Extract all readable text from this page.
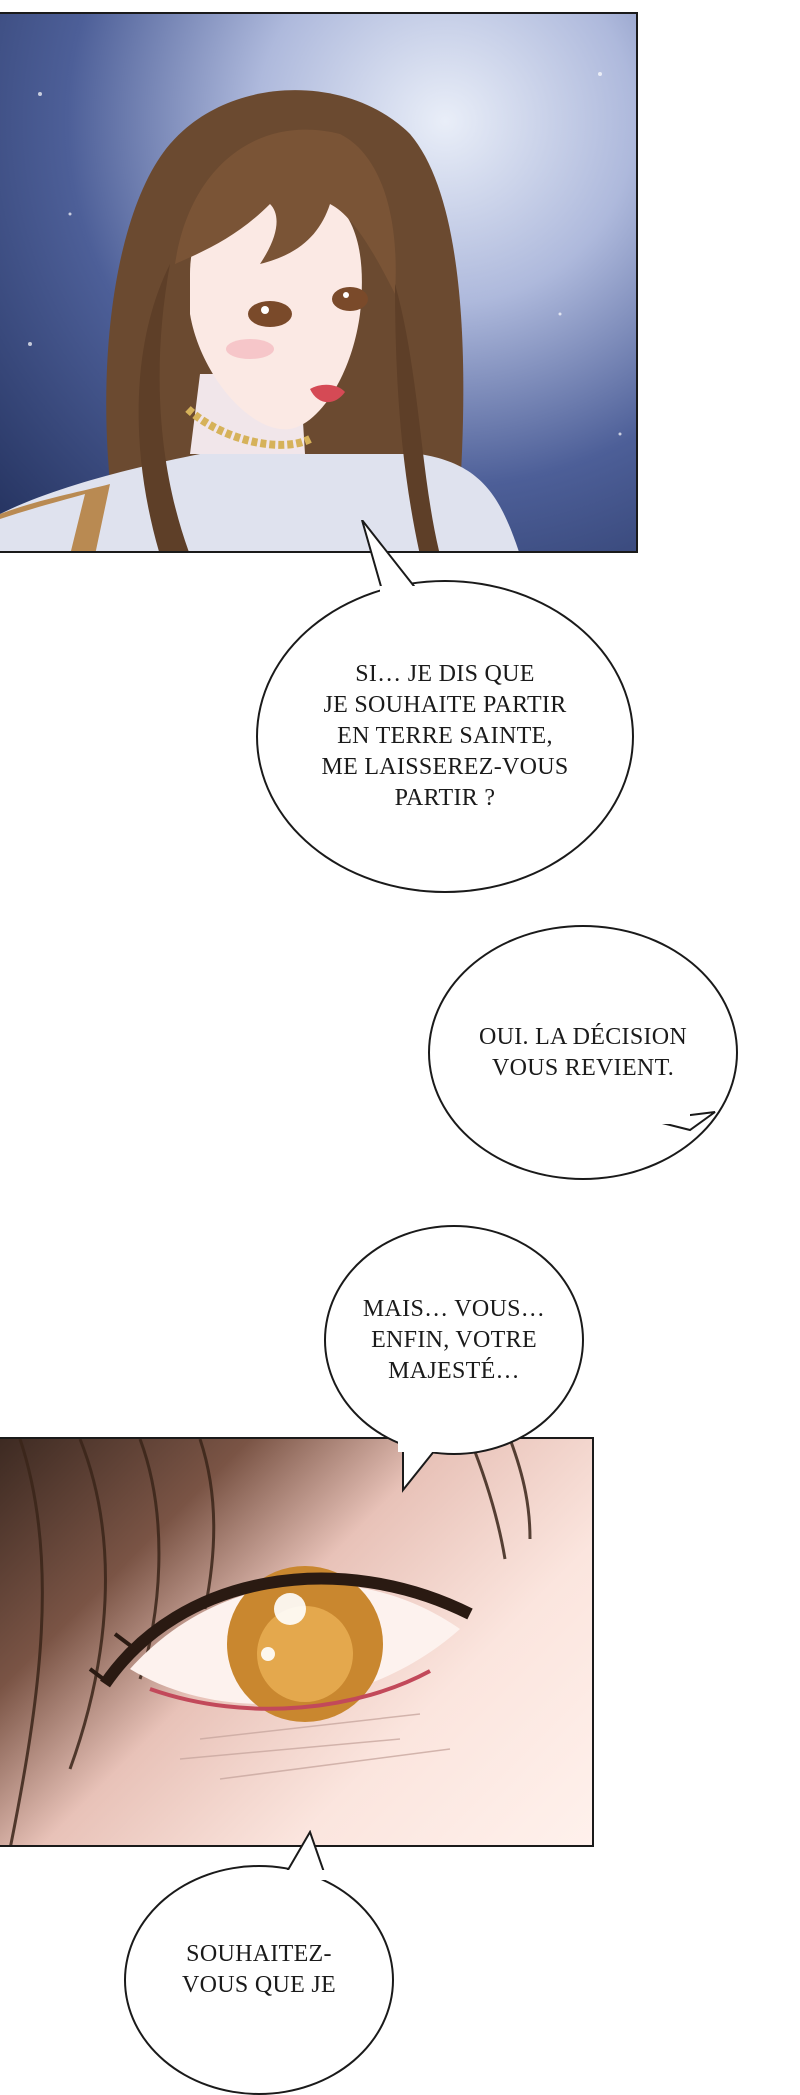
SI… JE DIS QUE
JE SOUHAITE PARTIR
EN TERRE SAINTE,
ME LAISSEREZ-VOUS
PARTIR ?
OUI. LA DÉCISION
VOUS REVIENT.
MAIS… VOUS…
ENFIN, VOTRE
MAJESTÉ…
SOUHAITEZ-
VOUS QUE JE
